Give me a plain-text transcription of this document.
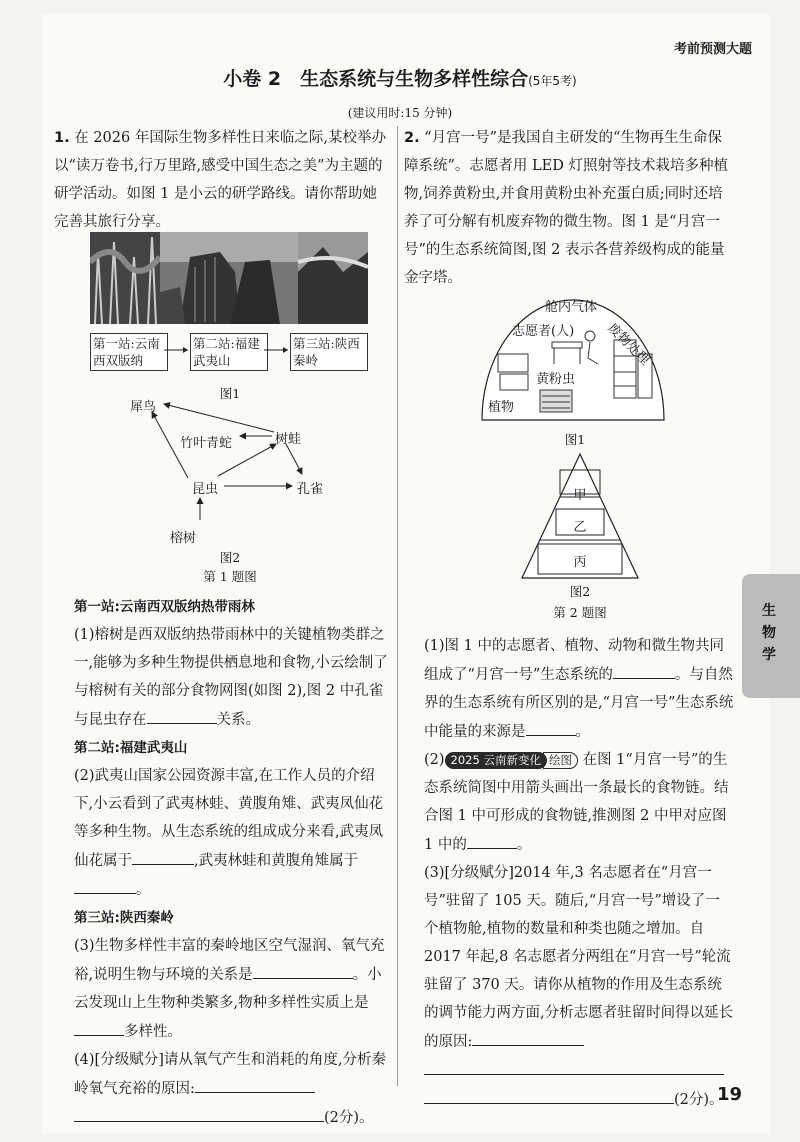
考前预测大题
小卷 2　生态系统与生物多样性综合(5年5考)
(建议用时:15 分钟)

1. 在 2026 年国际生物多样性日来临之际,某校举办以“读万卷书,行万里路,感受中国生态之美”为主题的研学活动。如图 1 是小云的研学路线。请你帮助她完善其旅行分享。

第一站:云南西双版纳
第二站:福建武夷山
第三站:陕西秦岭
图1
犀鸟
竹叶青蛇	树蛙
昆虫	孔雀
榕树
图2
第 1 题图

第一站:云南西双版纳热带雨林

(1)榕树是西双版纳热带雨林中的关键植物类群之一,能够为多种生物提供栖息地和食物,小云绘制了与榕树有关的部分食物网图(如图 2),图 2 中孔雀与昆虫存在	关系。

第二站:福建武夷山

(2)武夷山国家公园资源丰富,在工作人员的介绍下,小云看到了武夷林蛙、黄腹角雉、武夷凤仙花等多种生物。从生态系统的组成成分来看,武夷凤仙花属于	,武夷林蛙和黄腹角雉属于。

第三站:陕西秦岭

(3)生物多样性丰富的秦岭地区空气湿润、氧气充裕,说明生物与环境的关系是	。小云发现山上生物种类繁多,物种多样性实质上是多样性。

(4)[分级赋分]请从氧气产生和消耗的角度,分析秦岭氧气充裕的原因:

(2分)。

2. “月宫一号”是我国自主研发的“生物再生生命保障系统”。志愿者用 LED 灯照射等技术栽培多种植物,饲养黄粉虫,并食用黄粉虫补充蛋白质;同时还培养了可分解有机废弃物的微生物。图 1 是“月宫一号”的生态系统简图,图 2 表示各营养级构成的能量金字塔。

舱内气体
志愿者(人) 废物处理
黄粉虫
植物
图1
甲
乙
丙
图2
第 2 题图

(1)图 1 中的志愿者、植物、动物和微生物共同组成了“月宫一号”生态系统的	。与自然界的生态系统有所区别的是,“月宫一号”生态系统中能量的来源是	。

(2) 2025 云南新变化 绘图 在图 1“月宫一号”的生态系统简图中用箭头画出一条最长的食物链。结合图 1 中可形成的食物链,推测图 2 中甲对应图 1 中的	。

(3)[分级赋分]2014 年,3 名志愿者在“月宫一号”驻留了 105 天。随后,“月宫一号”增设了一个植物舱,植物的数量和种类也随之增加。自 2017 年起,8 名志愿者分两组在“月宫一号”轮流驻留了 370 天。请你从植物的作用及生态系统的调节能力两方面,分析志愿者驻留时间得以延长的原因:

(2分)。

生物学
19
